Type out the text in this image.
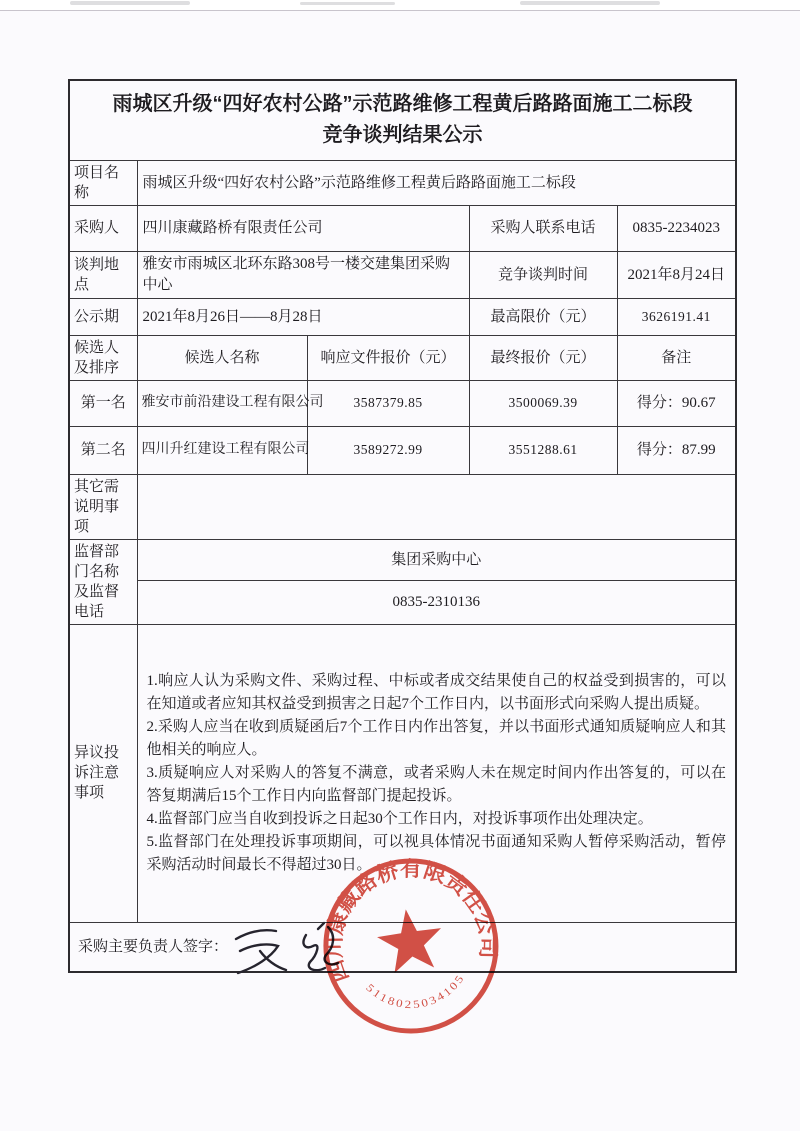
雨城区升级“四好农村公路”示范路维修工程黄后路路面施工二标段
竞争谈判结果公示				
项目名称	雨城区升级“四好农村公路”示范路维修工程黄后路路面施工二标段			
采购人	四川康藏路桥有限责任公司		采购人联系电话	0835-2234023
谈判地点	雅安市雨城区北环东路308号一楼交建集团采购中心		竞争谈判时间	2021年8月24日
公示期	2021年8月26日——8月28日		最高限价（元）	3626191.41
候选人及排序	候选人名称	响应文件报价（元）	最终报价（元）	备注
第一名	雅安市前沿建设工程有限公司	3587379.85	3500069.39	得分：90.67
第二名	四川升红建设工程有限公司	3589272.99	3551288.61	得分：87.99
其它需说明事项				
监督部门名称及监督电话	集团采购中心			
	0835-2310136			
异议投诉注意事项	1.响应人认为采购文件、采购过程、中标或者成交结果使自己的权益受到损害的，可以在知道或者应知其权益受到损害之日起7个工作日内，以书面形式向采购人提出质疑。

2.采购人应当在收到质疑函后7个工作日内作出答复，并以书面形式通知质疑响应人和其他相关的响应人。

3.质疑响应人对采购人的答复不满意，或者采购人未在规定时间内作出答复的，可以在答复期满后15个工作日内向监督部门提起投诉。

4.监督部门应当自收到投诉之日起30个工作日内，对投诉事项作出处理决定。

5.监督部门在处理投诉事项期间，可以视具体情况书面通知采购人暂停采购活动，暂停采购活动时间最长不得超过30日。			

采购主要负责人签字：				
四川康藏路桥有限责任公司
5118025034105
